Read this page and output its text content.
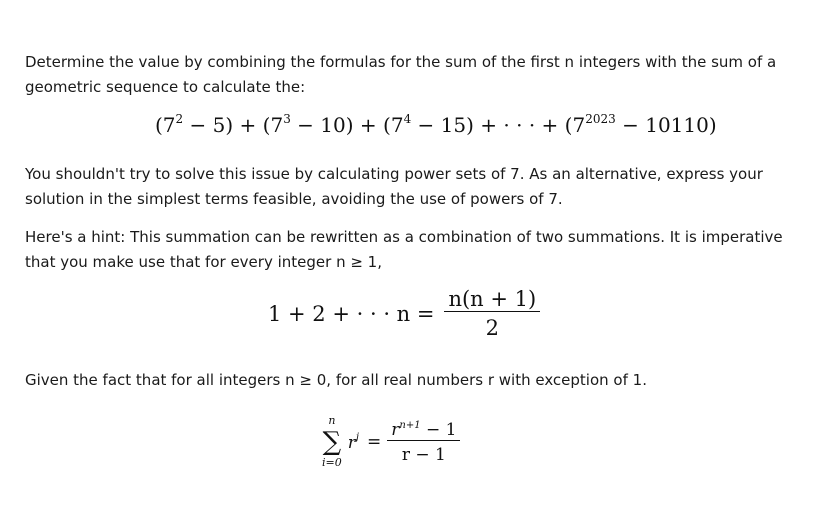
Determine the value by combining the formulas for the sum of the first n integers with the sum of a geometric sequence to calculate the:

$(7^2 - 5) + (7^3 - 10) + (7^4 - 15)$ + · · · + $(7^{2023} - 10110)$

You shouldn't try to solve this issue by calculating power sets of 7. As an alternative, express your solution in the simplest terms feasible, avoiding the use of powers of 7.

Here's a hint: This summation can be rewritten as a combination of two summations. It is imperative that you make use that for every integer n ≥ 1,

1 + 2 + · · · $n = \frac{n(n + 1)}{2}$

Given the fact that for all integers n ≥ 0, for all real numbers r with exception of 1.

n
∑
i=0
$r^j = \frac{r^{n+1} - 1}{r - 1}$
